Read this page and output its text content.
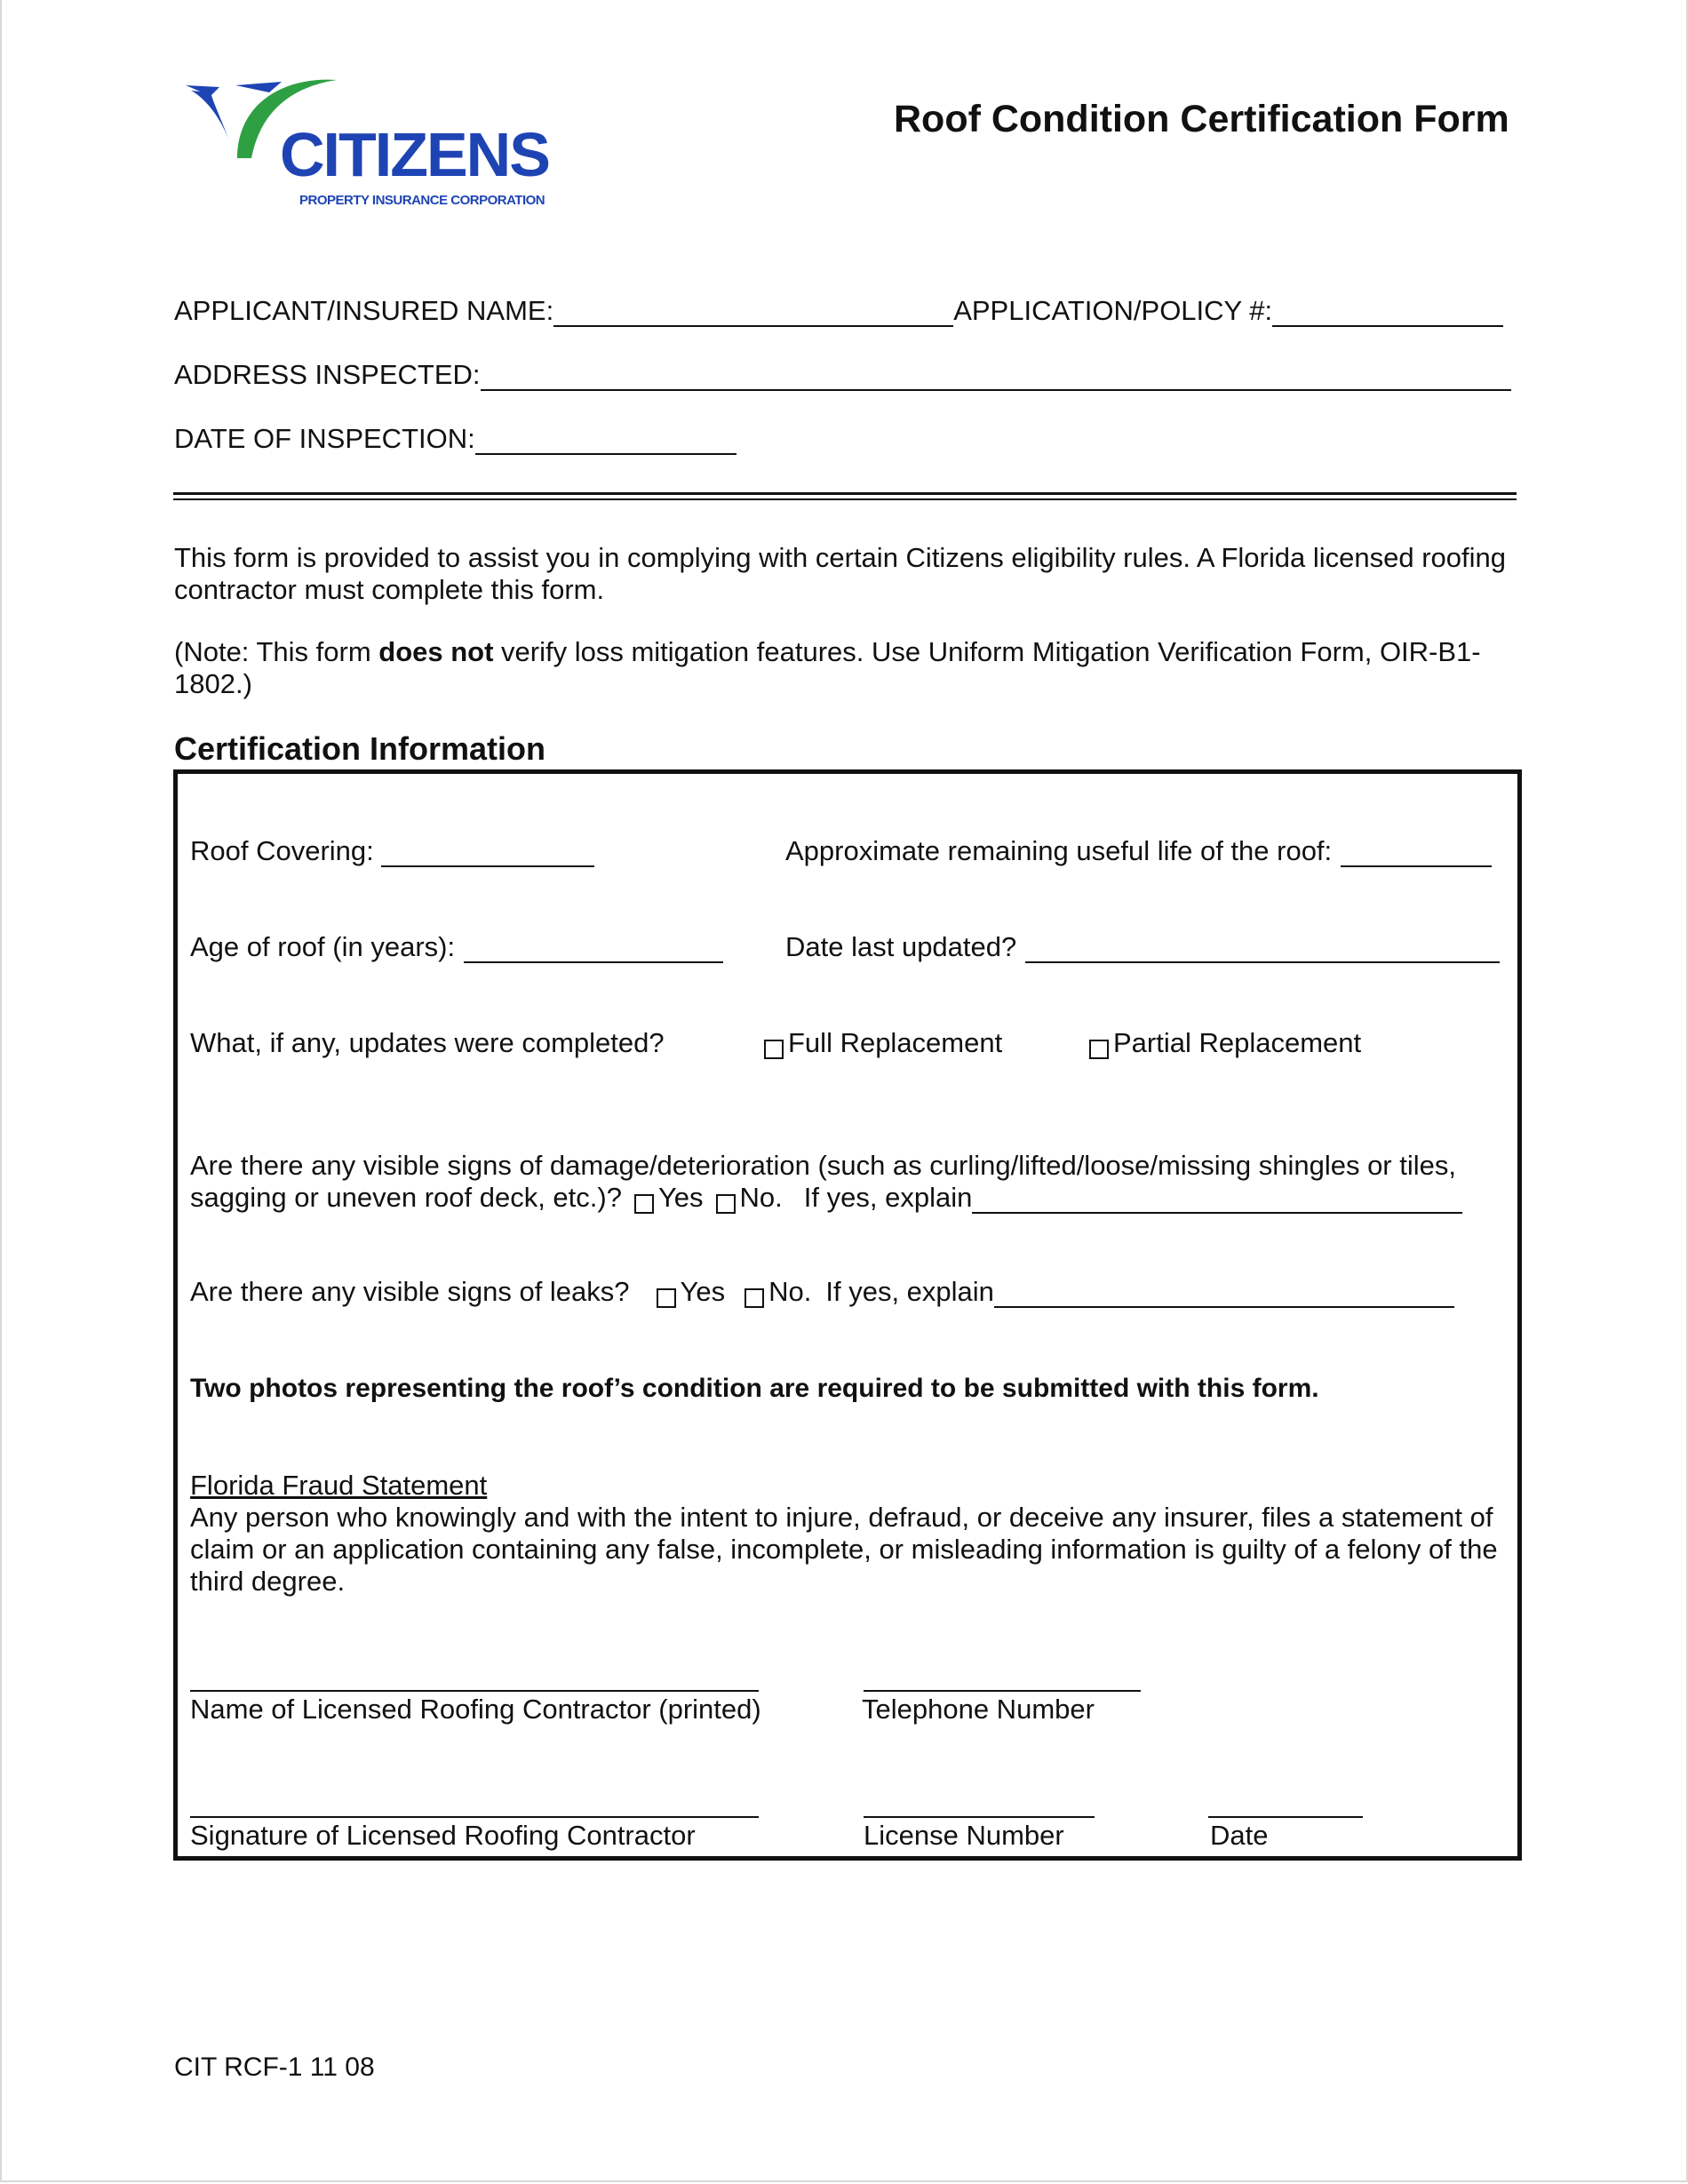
CITIZENS
PROPERTY INSURANCE CORPORATION
Roof Condition Certification Form
APPLICANT/INSURED NAME:	APPLICATION/POLICY #:
ADDRESS INSPECTED:
DATE OF INSPECTION:
This form is provided to assist you in complying with certain Citizens eligibility rules. A Florida licensed roofing contractor must complete this form.
(Note: This form does not verify loss mitigation features. Use Uniform Mitigation Verification Form, OIR-B1-1802.)
Certification Information
Roof Covering:	Approximate remaining useful life of the roof:
Age of roof (in years):	Date last updated?
What, if any, updates were completed?	Full Replacement	Partial Replacement
Are there any visible signs of damage/deterioration (such as curling/lifted/loose/missing shingles or tiles,
sagging or uneven roof deck, etc.)? Yes No. If yes, explain
Are there any visible signs of leaks? Yes No. If yes, explain
Two photos representing the roof’s condition are required to be submitted with this form.
Florida Fraud Statement
Any person who knowingly and with the intent to injure, defraud, or deceive any insurer, files a statement of claim or an application containing any false, incomplete, or misleading information is guilty of a felony of the third degree.
Name of Licensed Roofing Contractor (printed)	Telephone Number
Signature of Licensed Roofing Contractor	License Number	Date
CIT RCF-1 11 08
